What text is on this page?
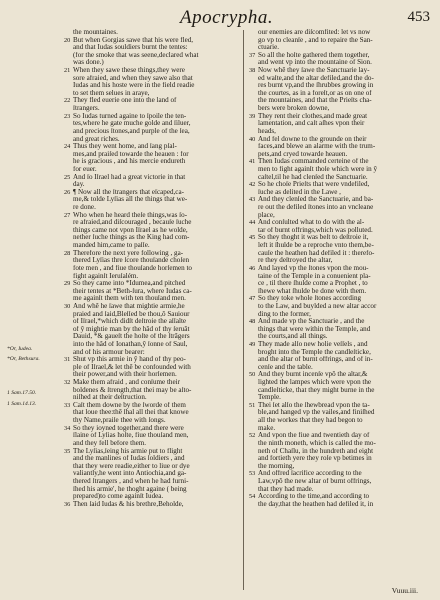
Apocrypha.	453
*Or, Iudea.
*Or, Bethsura.
1 Sam.17.50.
1 Sam.14.13.
the mountaines.
20 But when Gorgias sawe that his were fled,
and that Iudas souldiers burnt the tentes:
(for the smoke that was seene,declared what
was done.)
21 When they sawe these things,they were
sore afraied, and when they sawe also that
Iudas and his hoste were in the field readie
to set them selues in araye,
22 They fled euerie one into the land of
ſtrangers.
23 So Iudas turned againe to ſpoile the ten-
tes,where he gate muche golde and ſiluer,
and precious ſtones,and purple of the ſea,
and great riches.
24 Thus they went home, and ſang pſal-
mes,and praiſed towarde the heauen : for
he is gracious , and his mercie endureth
for euer.
25 And ſo Iſrael had a great victorie in that
day.
26 ¶ Now all the ſtrangers that eſcaped,ca-
me,& tolde Lyſias all the things that we-
re done.
27 Who when he heard theſe things,was ſo-
re afraied,and diſcouraged , becauſe ſuche
things came not vpon Iſrael as he wolde,
nether ſuche things as the King had com-
manded him,came to paſſe.
28 Therefore the next yere following , ga-
thered Lyſias thre ſcore thouſande choſen
fote men , and fiue thouſande horſemen to
fight againſt Ieruſalém.
29 So they came into *Idumea,and pitched
their tentes at *Beth-ſura, where Iudas ca-
me againſt them with ten thouſand men.
30 And whẽ he ſawe that mightie armie,he
praied and ſaid,Bleſſed be thou,ô Sauiour
of Iſrael,*which didſt deſtroie the aſſalte
of ŷ mightie man by the hãd of thy ſeruãt
Dauid, *& gaueſt the hoſte of the ſtrãgers
into the hãd of Ionathan,ŷ ſonne of Saul,
and of his armour bearer:
31 Shut vp this armie in ŷ hand of thy peo-
ple of Iſrael,& let thẽ be confounded with
their power,and with their horſemen.
32 Make them afraid , and conſume their
boldenes & ſtrength,that thei may be aſto-
niſhed at their deſtruction.
33 Caſt them downe by the ſworde of them
that loue thee:thē ſhal all thei that knowe
thy Name,praiſe thee with ſongs.
34 So they ioyned together,and there were
ſlaine of Lyſias hoſte, fiue thouſand men,
and they fell before them.
35 The Lyſias,ſeing his armie put to flight
and the manlines of Iudas ſoldiers , and
that they were readie,either to liue or dye
valiantly,he went into Antiochia,and ga-
thered ſtrangers , and when he had furni-
ſhed his armie', he thoght againe ( being
prepared)to come againſt Iudea.
36 Then ſaid Iudas & his brethre,Beholde,
our enemies are diſcomfited: let vs now
go vp to cleanſe , and to repaire the San-
ctuarie.
37 So all the hoſte gathered them together,
and went vp into the mountaine of Sion.
38 Now whẽ they ſawe the Sanctuarie lay-
ed waſte,and the altar defiled,and the do-
res burnt vp,and the ſhrubbes growing in
the courtes, as in a foreſt,or as on one of
the mountaines, and that the Prieſts cha-
bers were broken downe,
39 They rent their clothes,and made great
lamentation, and caſt aſhes vpon their
heads,
40 And fel downe to the grounde on their
faces,and blewe an alarme with the trum-
pets,and cryed towarde heauen.
41 Then Iudas commanded certeine of the
men to fight againſt thoſe which were in ŷ
caſtel,til he had clenſed the Sanctuarie.
42 So he choſe Prieſts that were vndefiled,
ſuche as delited in the Lawe ,
43 And they clenſed the Sanctuarie, and ba-
re out the defiled ſtones into an vncleane
place,
44 And conſulted what to do with the al-
tar of burnt offrings,which was polluted.
45 So they thoght it was beſt to deſtroie it,
left it ſhulde be a reproche vnto them,be-
cauſe the heathen had defiled it : therefo-
re they deſtroyed the altar,
46 And layed vp the ſtones vpon the mou-
taine of the Temple in a conuenient pla-
ce , til there ſhulde come a Prophet , to
ſhewe what ſhulde be done with them.
47 So they toke whole ſtones according
to the Law, and buylded a new altar accor
ding to the former,
48 And made vp the Sanctuarie , and the
things that were within the Temple, and
the courts,and all things.
49 They made alſo new holie veſſels , and
broght into the Temple the candleſticke,
and the altar of burnt offrings, and of in-
cenſe and the table.
50 And they burnt incenſe vpõ the altar,&
lighted the lampes which were vpon the
candleſticke, that they might burne in the
Temple.
51 Thei ſet alſo the ſhewbread vpon the ta-
ble,and hanged vp the vailes,and finiſhed
all the workes that they had begon to
make.
52 And vpon the fiue and twentieth day of
the ninth moneth, which is called the mo-
neth of Chaſlu, in the hundreth and eight
and fortieth yere they roſe vp betimes in
the morning,
53 And offred ſacrifice according to the
Law,vpõ the new altar of burnt offrings,
that they had made.
54 According to the time,and according to
the day,that the heathen had defiled it, in
Vuuu.iii.
